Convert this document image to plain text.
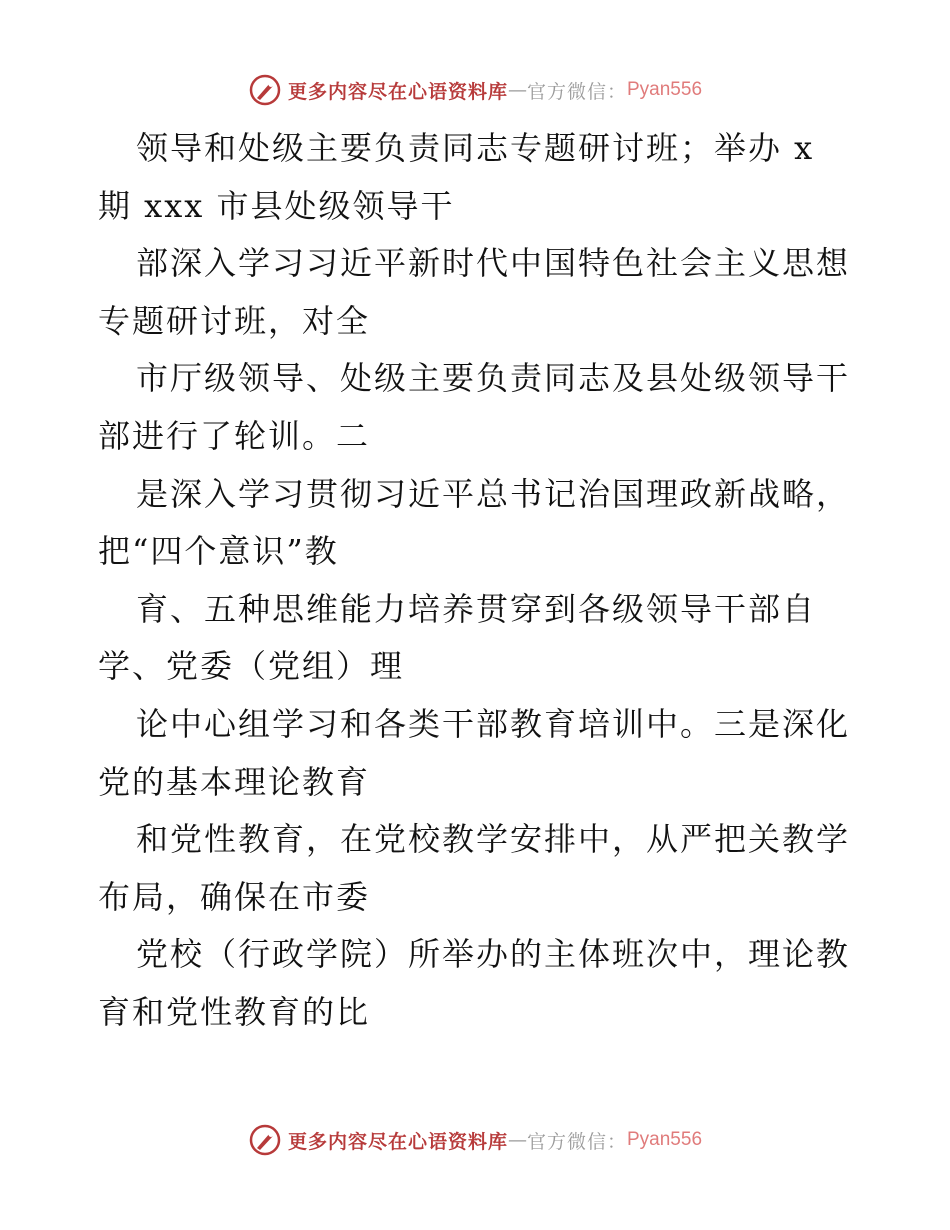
更多内容尽在心语资料库 — 官方微信： Pyan556
领导和处级主要负责同志专题研讨班；举办 x
期 xxx 市县处级领导干
部深入学习习近平新时代中国特色社会主义思想
专题研讨班，对全
市厅级领导、处级主要负责同志及县处级领导干
部进行了轮训。二
是深入学习贯彻习近平总书记治国理政新战略，
把“四个意识”教
育、五种思维能力培养贯穿到各级领导干部自
学、党委（党组）理
论中心组学习和各类干部教育培训中。三是深化
党的基本理论教育
和党性教育，在党校教学安排中，从严把关教学
布局，确保在市委
党校（行政学院）所举办的主体班次中，理论教
育和党性教育的比
更多内容尽在心语资料库 — 官方微信： Pyan556
